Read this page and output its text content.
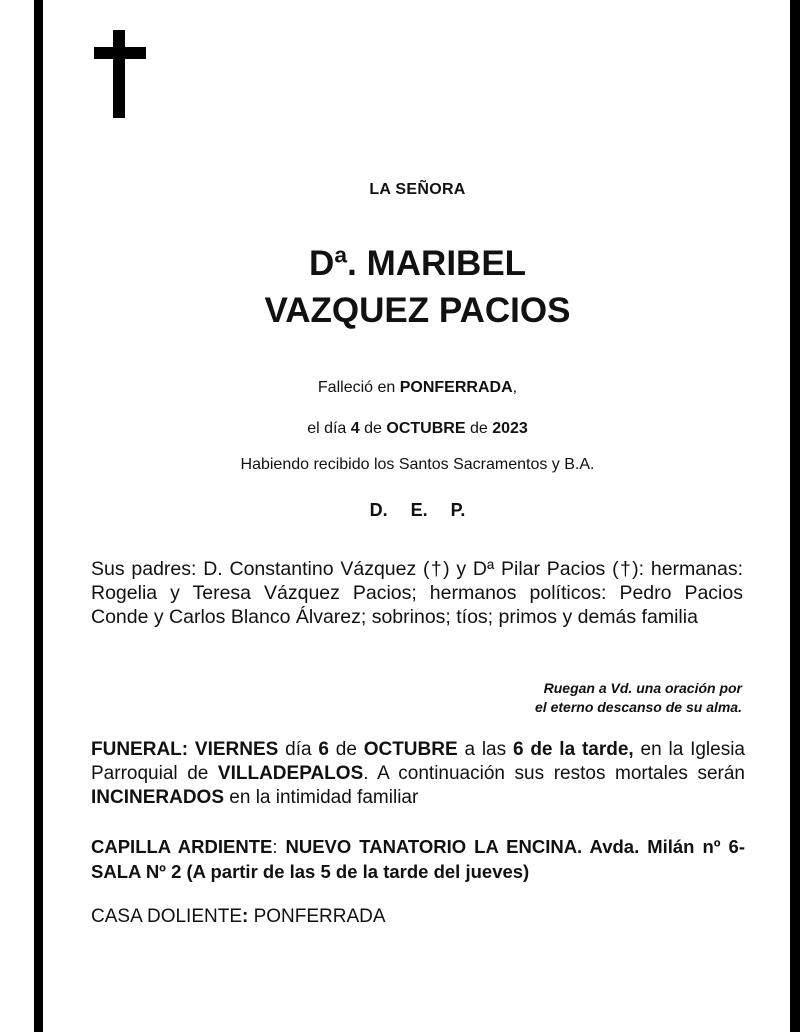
LA SEÑORA
Dª. MARIBEL
VAZQUEZ PACIOS
Falleció en PONFERRADA,
el día 4 de OCTUBRE de 2023
Habiendo recibido los Santos Sacramentos y B.A.
D. E. P.
Sus padres: D. Constantino Vázquez (†) y Dª Pilar Pacios (†): hermanas: Rogelia y Teresa Vázquez Pacios; hermanos políticos: Pedro Pacios Conde y Carlos Blanco Álvarez; sobrinos; tíos; primos y demás familia
Ruegan a Vd. una oración por
el eterno descanso de su alma.
FUNERAL: VIERNES día 6 de OCTUBRE a las 6 de la tarde, en la Iglesia Parroquial de VILLADEPALOS. A continuación sus restos mortales serán INCINERADOS en la intimidad familiar
CAPILLA ARDIENTE: NUEVO TANATORIO LA ENCINA. Avda. Milán nº 6- SALA Nº 2 (A partir de las 5 de la tarde del jueves)
CASA DOLIENTE: PONFERRADA
